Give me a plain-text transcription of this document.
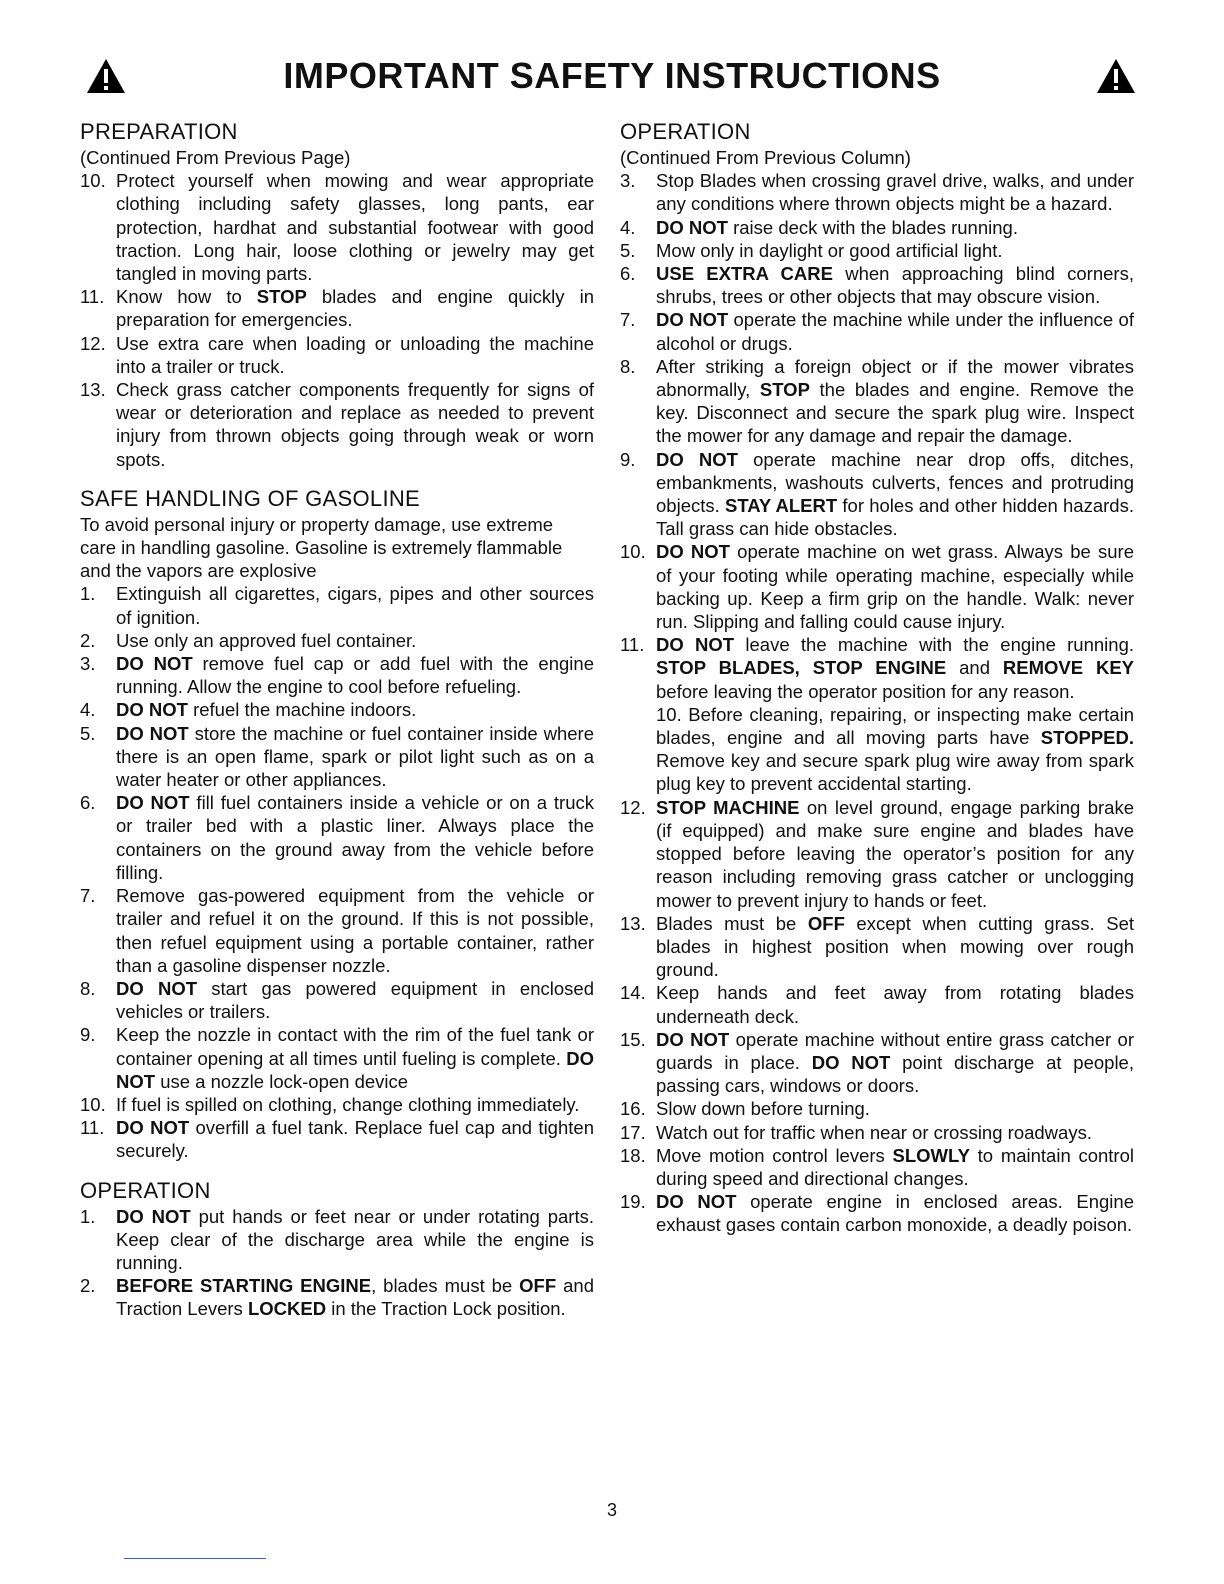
IMPORTANT SAFETY INSTRUCTIONS
PREPARATION

(Continued From Previous Page)

10. Protect yourself when mowing and wear appropriate clothing including safety glasses, long pants, ear protection, hardhat and substantial footwear with good traction. Long hair, loose clothing or jewelry may get tangled in moving parts.
11. Know how to STOP blades and engine quickly in preparation for emergencies.
12. Use extra care when loading or unloading the machine into a trailer or truck.
13. Check grass catcher components frequently for signs of wear or deterioration and replace as needed to prevent injury from thrown objects going through weak or worn spots.
SAFE HANDLING OF GASOLINE

To avoid personal injury or property damage, use extreme care in handling gasoline. Gasoline is extremely flammable and the vapors are explosive

1.	Extinguish all cigarettes, cigars, pipes and other sources of ignition.
2.	Use only an approved fuel container.
3.	DO NOT remove fuel cap or add fuel with the engine running. Allow the engine to cool before refueling.
4.	DO NOT refuel the machine indoors.
5.	DO NOT store the machine or fuel container inside where there is an open flame, spark or pilot light such as on a water heater or other appliances.
6.	DO NOT fill fuel containers inside a vehicle or on a truck or trailer bed with a plastic liner. Always place the containers on the ground away from the vehicle before filling.
7.	Remove gas-powered equipment from the vehicle or trailer and refuel it on the ground. If this is not possible, then refuel equipment using a portable container, rather than a gasoline dispenser nozzle.
8.	DO NOT start gas powered equipment in enclosed vehicles or trailers.
9.	Keep the nozzle in contact with the rim of the fuel tank or container opening at all times until fueling is complete. DO NOT use a nozzle lock-open device
10. If fuel is spilled on clothing, change clothing immediately.
11. DO NOT overfill a fuel tank. Replace fuel cap and tighten securely.
OPERATION
1.	DO NOT put hands or feet near or under rotating parts. Keep clear of the discharge area while the engine is running.
2.	BEFORE STARTING ENGINE, blades must be OFF and Traction Levers LOCKED in the Traction Lock position.
OPERATION

(Continued From Previous Column)

3.	Stop Blades when crossing gravel drive, walks, and under any conditions where thrown objects might be a hazard.
4.	DO NOT raise deck with the blades running.
5.	Mow only in daylight or good artificial light.
6.	USE EXTRA CARE when approaching blind corners, shrubs, trees or other objects that may obscure vision.
7.	DO NOT operate the machine while under the influence of alcohol or drugs.
8.	After striking a foreign object or if the mower vibrates abnormally, STOP the blades and engine. Remove the key. Disconnect and secure the spark plug wire. Inspect the mower for any damage and repair the damage.
9.	DO NOT operate machine near drop offs, ditches, embankments, washouts culverts, fences and protruding objects. STAY ALERT for holes and other hidden hazards. Tall grass can hide obstacles.
10. DO NOT operate machine on wet grass. Always be sure of your footing while operating machine, especially while backing up. Keep a firm grip on the handle. Walk: never run. Slipping and falling could cause injury.
11. DO NOT leave the machine with the engine running. STOP BLADES, STOP ENGINE and REMOVE KEY before leaving the operator position for any reason.
10. Before cleaning, repairing, or inspecting make certain blades, engine and all moving parts have STOPPED. Remove key and secure spark plug wire away from spark plug key to prevent accidental starting.
12. STOP MACHINE on level ground, engage parking brake (if equipped) and make sure engine and blades have stopped before leaving the operator’s position for any reason including removing grass catcher or unclogging mower to prevent injury to hands or feet.
13. Blades must be OFF except when cutting grass. Set blades in highest position when mowing over rough ground.
14. Keep hands and feet away from rotating blades underneath deck.
15. DO NOT operate machine without entire grass catcher or guards in place. DO NOT point discharge at people, passing cars, windows or doors.
16. Slow down before turning.
17. Watch out for traffic when near or crossing roadways.
18. Move motion control levers SLOWLY to maintain control during speed and directional changes.
19. DO NOT operate engine in enclosed areas. Engine exhaust gases contain carbon monoxide, a deadly poison.
3
